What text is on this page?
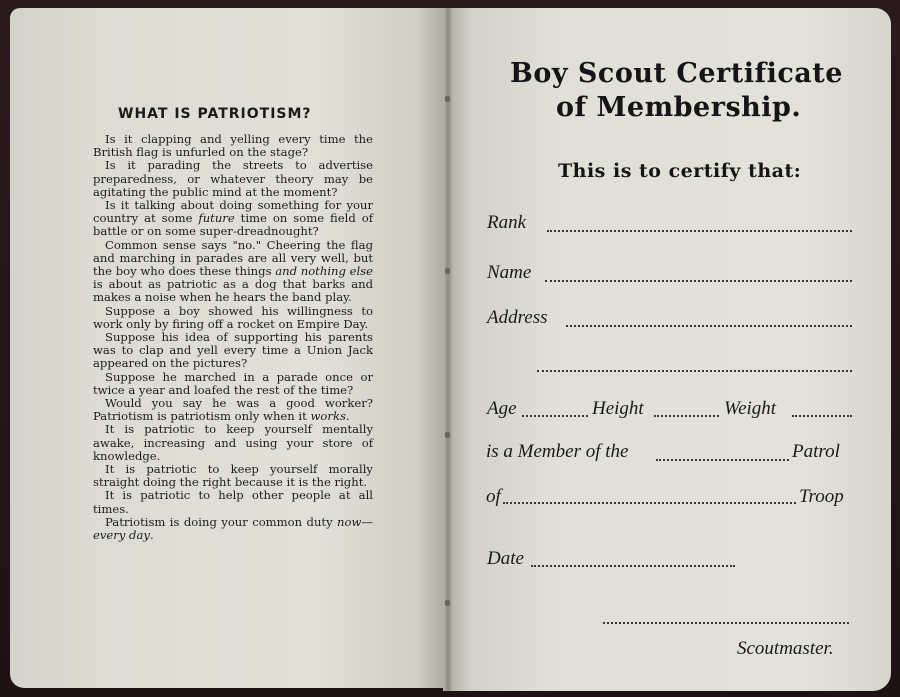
WHAT IS PATRIOTISM?

Is it clapping and yelling every time the British flag is unfurled on the stage?

Is it parading the streets to advertise preparedness, or whatever theory may be agitating the public mind at the moment?

Is it talking about doing something for your country at some future time on some field of battle or on some super-dreadnought?

Common sense says "no." Cheering the flag and marching in parades are all very well, but the boy who does these things and nothing else is about as patriotic as a dog that barks and makes a noise when he hears the band play.

Suppose a boy showed his willingness to work only by firing off a rocket on Empire Day.

Suppose his idea of supporting his parents was to clap and yell every time a Union Jack appeared on the pictures?

Suppose he marched in a parade once or twice a year and loafed the rest of the time?

Would you say he was a good worker? Patriotism is patriotism only when it works.

It is patriotic to keep yourself mentally awake, increasing and using your store of knowledge.

It is patriotic to keep yourself morally straight doing the right because it is the right.

It is patriotic to help other people at all times.

Patriotism is doing your common duty now—every day.

Boy Scout Certificate
of Membership.
This is to certify that:
Rank
Name
Address
Age	Height	Weight
is a Member of the	Patrol
of	Troop
Date
Scoutmaster.
